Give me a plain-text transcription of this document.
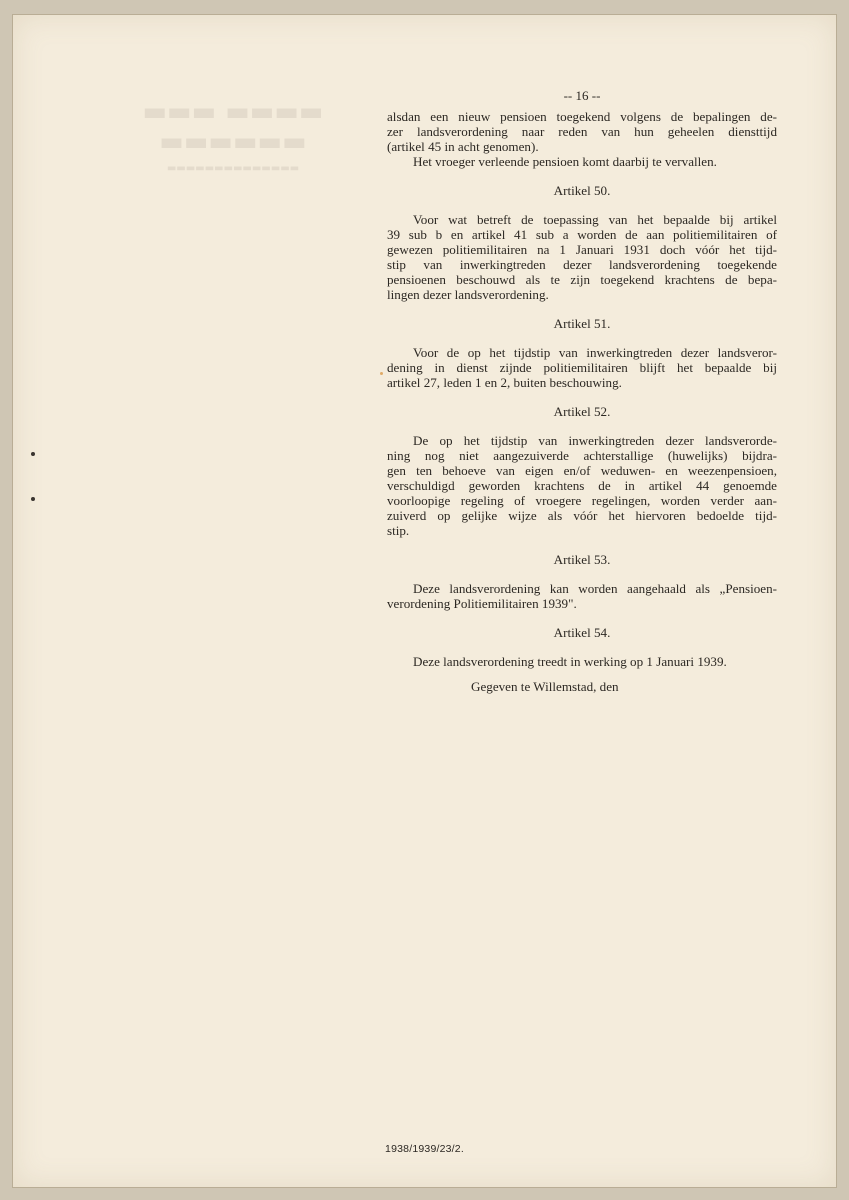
▬▬▬▬ ▬▬▬ ▬▬▬▬▬▬
▬▬▬▬▬▬▬▬▬▬▬▬▬▬
-- 16 --

alsdan een nieuw pensioen toegekend volgens de bepalingen de-

zer landsverordening naar reden van hun geheelen diensttijd

(artikel 45 in acht genomen).

Het vroeger verleende pensioen komt daarbij te vervallen.

Artikel 50.

Voor wat betreft de toepassing van het bepaalde bij artikel

39 sub b en artikel 41 sub a worden de aan politiemilitairen of

gewezen politiemilitairen na 1 Januari 1931 doch vóór het tijd-

stip van inwerkingtreden dezer landsverordening toegekende

pensioenen beschouwd als te zijn toegekend krachtens de bepa-

lingen dezer landsverordening.

Artikel 51.

Voor de op het tijdstip van inwerkingtreden dezer landsveror-

dening in dienst zijnde politiemilitairen blijft het bepaalde bij

artikel 27, leden 1 en 2, buiten beschouwing.

Artikel 52.

De op het tijdstip van inwerkingtreden dezer landsverorde-

ning nog niet aangezuiverde achterstallige (huwelijks) bijdra-

gen ten behoeve van eigen en/of weduwen- en weezenpensioen,

verschuldigd geworden krachtens de in artikel 44 genoemde

voorloopige regeling of vroegere regelingen, worden verder aan-

zuiverd op gelijke wijze als vóór het hiervoren bedoelde tijd-

stip.

Artikel 53.

Deze landsverordening kan worden aangehaald als „Pensioen-

verordening Politiemilitairen 1939".

Artikel 54.

Deze landsverordening treedt in werking op 1 Januari 1939.

Gegeven te Willemstad, den

1938/1939/23/2.
